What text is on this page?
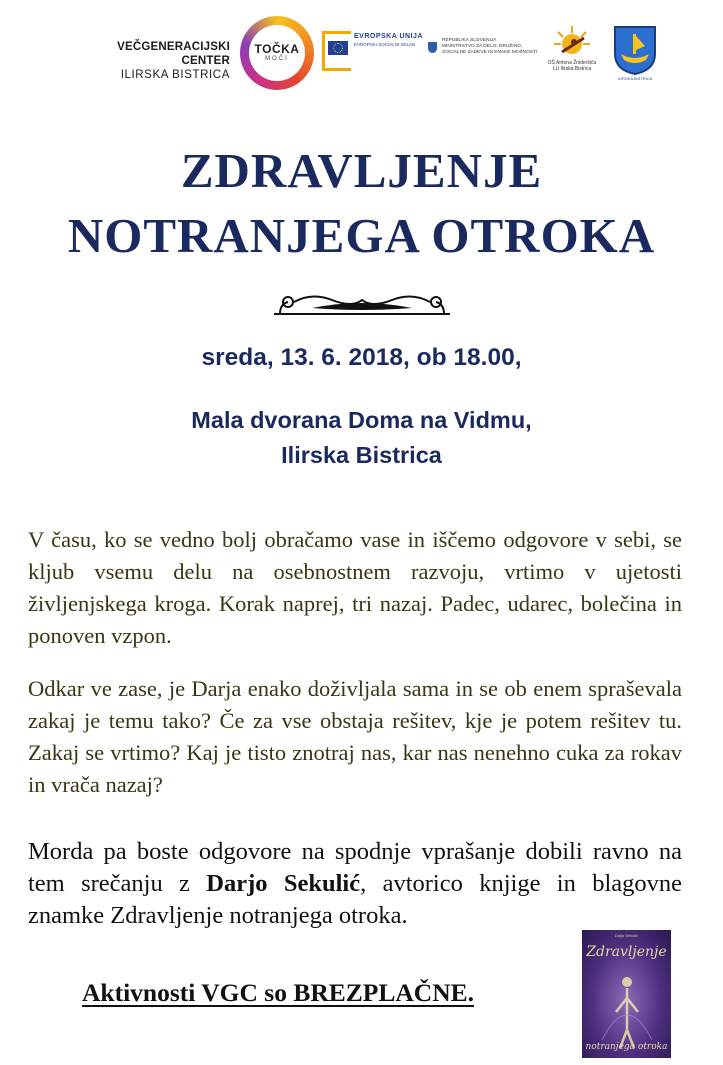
VEČGENERACIJSKI CENTER
ILIRSKA BISTRICA
TOČKA
MOČI
EVROPSKA UNIJA
EVROPSKI SOCIALNI SKLAD
REPUBLIKA SLOVENIJA
MINISTRSTVO ZA DELO, DRUŽINO,
SOCIALNE ZADEVE IN ENAKE MOŽNOSTI
OŠ Antona Žnideršiča
LU Ilirska Bistrica
ILIRSKA BISTRICA
ZDRAVLJENJE
NOTRANJEGA OTROKA
sreda, 13. 6. 2018, ob 18.00,
Mala dvorana Doma na Vidmu,
Ilirska Bistrica
V času, ko se vedno bolj obračamo vase in iščemo odgovore v sebi, se kljub vsemu delu na osebnostnem razvoju, vrtimo v ujetosti življenjskega kroga. Korak naprej, tri nazaj. Padec, udarec, bolečina in ponoven vzpon.
Odkar ve zase, je Darja enako doživljala sama in se ob enem spraševala zakaj je temu tako? Če za vse obstaja rešitev, kje je potem rešitev tu. Zakaj se vrtimo? Kaj je tisto znotraj nas, kar nas nenehno cuka za rokav in vrača nazaj?
Morda pa boste odgovore na spodnje vprašanje dobili ravno na tem srečanju z Darjo Sekulić, avtorico knjige in blagovne znamke Zdravljenje notranjega otroka.
Aktivnosti VGC so BREZPLAČNE.
Darja Sekulić
Zdravljenje
notranjega otroka
